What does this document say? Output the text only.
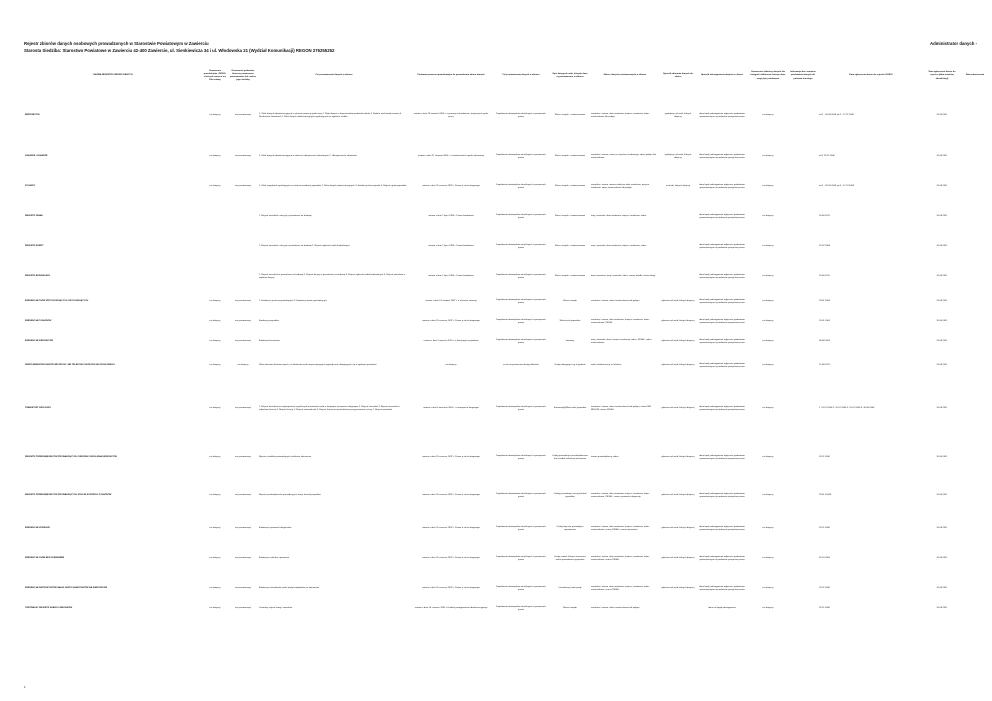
Rejestr zbiorów danych osobowych prowadzonych w Starostwie Powiatowym w Zawierciu
Starosta Siedziba: Starostwo Powiatowe w Zawierciu 42-400 Zawiercie, ul. Sienkiewicza 34 i ul. Włodowska 21 (Wydział Komunikacji) REGON 276255252
Administrator danych -
	NAZWA REJESTRU ZBIORU DANYCH	Oznaczenie przedmiotów i RODO, z których niezw w art. Dla ustawy	Oznaczenie podmiotu, któremu powierzono przetwarzanie lub i adres jego siedziby	Cel przetwarzania danych w zbiorze	Podstawa prawna upoważniająca do prowadzenia zbioru danych	Cel przetwarzania danych w zbiorze	Opis kategorii osób, których dane są przetwarzane w zbiorze	Zakres danych przetwarzanych w zbiorze	Sposób zbierania danych do zbioru	Sposób udostępniania danych ze zbioru	Oznaczenie odbiorcy danych lub kategorii odbiorców, którym dane mogą być przekazane	Informacja dot. zamiarze przekazania danych do państwa trzeciego	Data zgłoszenia zbioru do rejestru GIODO	Data zgłoszenia zbioru do rejestru (data ostatniej aktualizacji)	Data zakończenia
	BEZROBOTNI	nie dotyczy	nie przetwarzaja	1. Zbiór danych administracyjnych o zakresie pomocy społecznej 2. Zbiór danych o bezpośrednim podatniku lokalu 3. Nadzór nad świadczeniami 4. Rozliczenia świadczeń 5. Zbiór danych administracyjnych wynikających na wypłacie środka	ustawa z dnia 20 kwietnia 2004 r. o promocji zatrudnienia i instytucjach rynku pracy	Dopełnienie obowiązków określonych w przepisach prawa	Klienci urzędu - zainteresowani	nazwisko i imiona, data urodzenia, miejsce urodzenia, adres zamieszkania lub pobytu	wydajemy od osób, których dotyczą	dane będą udostępniane wyłącznie podmiotom upoważnionym na podstawie przepisów prawa	nie dotyczy		ad 1 - 03.09.2006 ad 2 - 17.11.2008	20.06.2011	
	LEKARZE I LEKARZE	nie dotyczy	nie przetwarzaja	1. Zbiór danych administracyjnych w zakresie ubezpieczeń zdrowotnych 2. Ubezpieczenie zdrowotne	ustawa z dnia 27 sierpnia 2004 r. o świadczeniach opieki zdrowotnej	Dopełnienie obowiązków określonych w przepisach prawa	Klienci urzędu - zainteresowani	nazwisko i imiona, numer w rejestrze osobowego, adres pobytu lub zamieszkania	wydajemy od osób, których dotyczą	dane będą udostępniane wyłącznie podmiotom upoważnionym na podstawie przepisów prawa	nie dotyczy		ad 1 29.11.2006	20.06.2011	
	POJAZDY	nie dotyczy	nie przetwarzaja	1. Zbiór zagadnień wynikających w zakresie ewidencji pojazdów 2. Zbiór danych administracyjnych 3. Ewidencja kart pojazdu 4. Rejestr spraw pojazdów	ustawa z dnia 20 czerwca 1997 r. Prawo o ruchu drogowym	Dopełnienie obowiązków określonych w przepisach prawa	Klienci urzędu - zainteresowani	nazwisko i imiona, imiona rodziców, data urodzenia, miejsce urodzenia, adres zamieszkania lub pobytu	od osób, których dotyczą	dane będą udostępniane wyłącznie podmiotom upoważnionym na podstawie przepisów prawa	nie dotyczy		ad 1 - 20.05.2006 ad 4 - 17.10.2008	20.06.2011	
	REJESTR ZMIAN			1. Rejestr wniosków i decyzji o pozwoleniu na budowę	ustawa z dnia 7 lipca 1994 r. Prawo budowlane	Dopełnienie obowiązków określonych w przepisach prawa	Klienci urzędu - zainteresowani	imię, nazwisko, data urodzenia, miejsce urodzenia, adres		dane będą udostępniane wyłącznie podmiotom upoważnionym na podstawie przepisów prawa	nie dotyczy		20.06.2011	20.06.2011	
	REJESTR ROBÓT			1. Rejestr wniosków i decyzji o pozwoleniu na budowę 2. Rejestr zgłoszeń robót budowlanych	ustawa z dnia 7 lipca 1994 r. Prawo budowlane	Dopełnienie obowiązków określonych w przepisach prawa	Klienci urzędu - zainteresowani	imię, nazwisko, data urodzenia, miejsce urodzenia, adres		dane będą udostępniane wyłącznie podmiotom upoważnionym na podstawie przepisów prawa	nie dotyczy		22.07.2008	20.06.2011	
	REJESTR BUDOWLANY			1. Rejestr wniosków o pozwolenie na budowę 2. Rejestr decyzji o pozwoleniu na budowę 3. Rejestr zgłoszeń robót budowlanych 4. Rejestr wniosków o wydanie decyzji	ustawa z dnia 7 lipca 1994 r. Prawo budowlane	Dopełnienie obowiązków określonych w przepisach prawa	Klienci urzędu - zainteresowani	dane inwestora: imię, nazwisko, adres, numer działki, nazwa drogi		dane będą udostępniane wyłącznie podmiotom upoważnionym na podstawie przepisów prawa	nie dotyczy		20.06.2011	20.06.2011	
	EWIDENCJA PSÓW PRZYCHODZĄCYCH I WYCHODZĄCYCH	nie dotyczy	nie przetwarzaja	1. Ewidencja psów przychodzących 2. Ewidencja psów wychodzących	ustawa z dnia 21 sierpnia 1997 r. o ochronie zwierząt	Dopełnienie obowiązków określonych w przepisach prawa	Klienci urzędu	nazwisko i imiona, adres zamieszkania lub pobytu	gdzienie od osób, których dotyczą	dane będą udostępniane wyłącznie podmiotom upoważnionym na podstawie przepisów prawa	nie dotyczy		29.01.2006	20.06.2011	
	EWIDENCJA POJAZDÓW	nie dotyczy	nie przetwarzaja	Ewidencja pojazdów	ustawa z dnia 20 czerwca 1997 r. Prawo o ruchu drogowym	Dopełnienie obowiązków określonych w przepisach prawa	Właściciele pojazdów	nazwisko i imiona, data urodzenia, miejsce urodzenia, adres zamieszkania, PESEL	gdzienie od osób, których dotyczą	dane będą udostępniane wyłącznie podmiotom upoważnionym na podstawie przepisów prawa	nie dotyczy		15.01.2006	20.06.2011	
	EWIDENCJA KIEROWCÓW	nie dotyczy	nie przetwarzaja	Ewidencja kierowców	ustawa z dnia 5 stycznia 2011 r. o kierujących pojazdami	Dopełnienie obowiązków określonych w przepisach prawa	kierowcy	imię, nazwisko, data i miejsce urodzenia, adres, PESEL, adres zamieszkania	gdzienie od osób, których dotyczą	dane będą udostępniane wyłącznie podmiotom upoważnionym na podstawie przepisów prawa	nie dotyczy		08.08.2006	20.06.2011	
	ZBIÓR ADRESÓW ELEKTRONICZNYCH I NR TELEFONU OSÓB RUCHU DROGOWEGO	nie dotyczy	nie dotyczy	Zbiór adresów elektronicznych i nr telefonów osób rozpoczynających pojazdy oraz ubiegających się o wydanie uprawnień	nie dotyczy	w celu usprawnienia obsługi klientów	Osoby ubiegające się o wydanie	adres elektroniczny, nr telefonu	gdzienie od osób, których dotyczą	dane będą udostępniane wyłącznie podmiotom upoważnionym na podstawie przepisów prawa	nie dotyczy		22.08.2011	20.06.2011	
	TRANSPORT DROGOWY	nie dotyczy	nie przetwarzaja	1. Rejestr wniosków na wykonywanie regularnych przewozów osób w krajowym transporcie drogowym 2. Rejestr zezwoleń 3. Rejestr wniosków o udzielenie licencji 4. Rejestr licencji 5. Rejestr zaświadczeń 6. Rejestr licencji na pośrednictwo przy przewozie rzeczy 7. Rejestr wniosków	ustawa z dnia 6 września 2001 r. o transporcie drogowym	Dopełnienie obowiązków określonych w przepisach prawa	Samorządy/Właściciele pojazdów	nazwisko i imiona, adres zamieszkania lub pobytu, numer NIP, REGON, numer PESEL	gdzienie od osób, których dotyczą	dane będą udostępniane wyłącznie podmiotom upoważnionym na podstawie przepisów prawa	nie dotyczy		1. 15.07.2006 2. 15.07.2006 3. 15.07.2006 4. 30.08.2006	20.06.2011	
	REJESTR PRZEDSIĘBIORCÓW PROWADZĄCYCH OŚRODEK SZKOLENIA KIEROWCÓW	nie dotyczy	nie przetwarzaja	Rejestr ośrodków prowadzących szkolenia kierowców	ustawa z dnia 20 czerwca 1997 r. Prawo o ruchu drogowym	Dopełnienie obowiązków określonych w przepisach prawa	Osoby prowadzące przedsiębiorstwo lub ośrodek szkolenia kierowców	nazwa przedsiębiorcy, adres	gdzienie od osób, których dotyczą	dane będą udostępniane wyłącznie podmiotom upoważnionym na podstawie przepisów prawa	nie dotyczy		20.11.2006	20.06.2011	
	REJESTR PRZEDSIĘBIORCÓW PROWADZĄCYCH STACJE KONTROLI POJAZDÓW	nie dotyczy	nie przetwarzaja	Rejestr przedsiębiorców prowadzących stacje kontroli pojazdów	ustawa z dnia 20 czerwca 1997 r. Prawo o ruchu drogowym	Dopełnienie obowiązków określonych w przepisach prawa	Osoby prowadzące stację kontroli pojazdów	nazwisko i imiona, data urodzenia, miejsce urodzenia, adres zamieszkania, PESEL, numer uprawnień diagnosty	gdzienie od osób, których dotyczą	dane będą udostępniane wyłącznie podmiotom upoważnionym na podstawie przepisów prawa	nie dotyczy		20.01.12008	20.06.2011	
	EWIDENCJA UDZIELEŃ	nie dotyczy	nie przetwarzaja	Ewidencja uprawnień diagnostów	ustawa z dnia 20 czerwca 1997 r. Prawo o ruchu drogowym	Dopełnienie obowiązków określonych w przepisach prawa	Osoby fizyczne posiadające uprawnienia	nazwisko i imiona, data urodzenia, miejsce urodzenia, adres zamieszkania, numer PESEL, numer uprawnień	gdzienie od osób, których dotyczą	dane będą udostępniane wyłącznie podmiotom upoważnionym na podstawie przepisów prawa	nie dotyczy		20.11.2006	20.06.2011	
	EWIDENCJA OSÓB BEZ UPRAWNIEŃ	nie dotyczy	nie przetwarzaja	Ewidencja osób bez uprawnień	ustawa z dnia 20 czerwca 1997 r. Prawo o ruchu drogowym	Dopełnienie obowiązków określonych w przepisach prawa	Osoby, wobec których orzeczono zakaz prowadzenia pojazdów	nazwisko i imiona, data urodzenia, miejsce urodzenia, adres zamieszkania, numer PESEL	gdzienie od osób, których dotyczą	dane będą udostępniane wyłącznie podmiotom upoważnionym na podstawie przepisów prawa	nie dotyczy		30.10.2006	20.06.2011	
	EWIDENCJA INSTRUKTORÓW NAUKI JAZDY KANDYDATÓW NA KIEROWCÓW	nie dotyczy	nie przetwarzaja	Ewidencja instruktorów nauki jazdy kandydatów na kierowców	ustawa z dnia 20 czerwca 1997 r. Prawo o ruchu drogowym	Dopełnienie obowiązków określonych w przepisach prawa	Instruktorzy nauki jazdy	nazwisko i imiona, data urodzenia, miejsce urodzenia, adres zamieszkania, numer PESEL	gdzienie od osób, których dotyczą	dane będą udostępniane wyłącznie podmiotom upoważnionym na podstawie przepisów prawa	nie dotyczy		20.11.2006	20.06.2011	
	CENTRALNY REJESTR SKARG I WNIOSKÓW	nie dotyczy	nie przetwarzaja	Centralny rejestr skarg i wniosków	ustawa z dnia 14 czerwca 1960 r. Kodeks postępowania administracyjnego	Dopełnienie obowiązków określonych w przepisach prawa	Klienci urzędu	nazwisko i imiona, adres zamieszkania lub pobytu		dane nie będą udostępniane	nie dotyczy		25.11.2006	20.06.2011	
1
